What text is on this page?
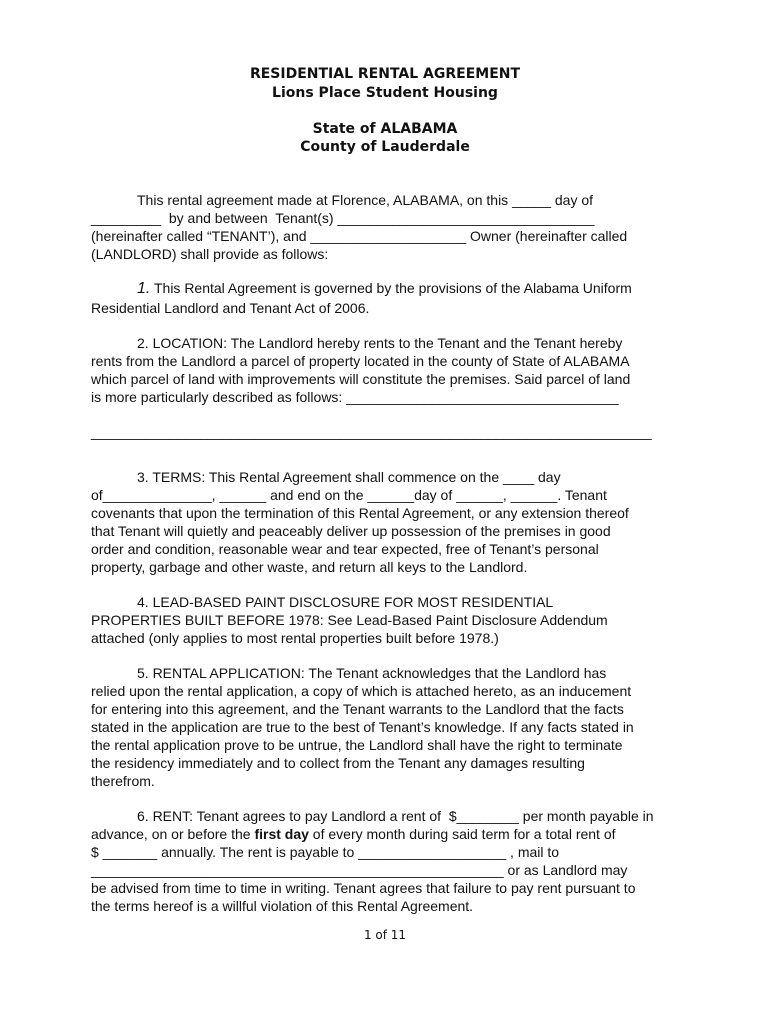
RESIDENTIAL RENTAL AGREEMENT
Lions Place Student Housing
State of ALABAMA
County of Lauderdale
This rental agreement made at Florence, ALABAMA, on this _____ day of
_________  by and between  Tenant(s) _________________________________
(hereinafter called “TENANT’), and ____________________ Owner (hereinafter called
(LANDLORD) shall provide as follows:
1. This Rental Agreement is governed by the provisions of the Alabama Uniform
Residential Landlord and Tenant Act of 2006.
2. LOCATION: The Landlord hereby rents to the Tenant and the Tenant hereby
rents from the Landlord a parcel of property located in the county of State of ALABAMA
which parcel of land with improvements will constitute the premises. Said parcel of land
is more particularly described as follows: ___________________________________
________________________________________________________________________
3. TERMS: This Rental Agreement shall commence on the ____ day
of______________, ______ and end on the ______day of ______, ______. Tenant
covenants that upon the termination of this Rental Agreement, or any extension thereof
that Tenant will quietly and peaceably deliver up possession of the premises in good
order and condition, reasonable wear and tear expected, free of Tenant’s personal
property, garbage and other waste, and return all keys to the Landlord.
4. LEAD-BASED PAINT DISCLOSURE FOR MOST RESIDENTIAL
PROPERTIES BUILT BEFORE 1978: See Lead-Based Paint Disclosure Addendum
attached (only applies to most rental properties built before 1978.)
5. RENTAL APPLICATION: The Tenant acknowledges that the Landlord has
relied upon the rental application, a copy of which is attached hereto, as an inducement
for entering into this agreement, and the Tenant warrants to the Landlord that the facts
stated in the application are true to the best of Tenant’s knowledge. If any facts stated in
the rental application prove to be untrue, the Landlord shall have the right to terminate
the residency immediately and to collect from the Tenant any damages resulting
therefrom.
6. RENT: Tenant agrees to pay Landlord a rent of  $________ per month payable in
advance, on or before the first day of every month during said term for a total rent of
$ _______ annually. The rent is payable to ___________________ , mail to
_____________________________________________________ or as Landlord may
be advised from time to time in writing. Tenant agrees that failure to pay rent pursuant to
the terms hereof is a willful violation of this Rental Agreement.
1 of 11
